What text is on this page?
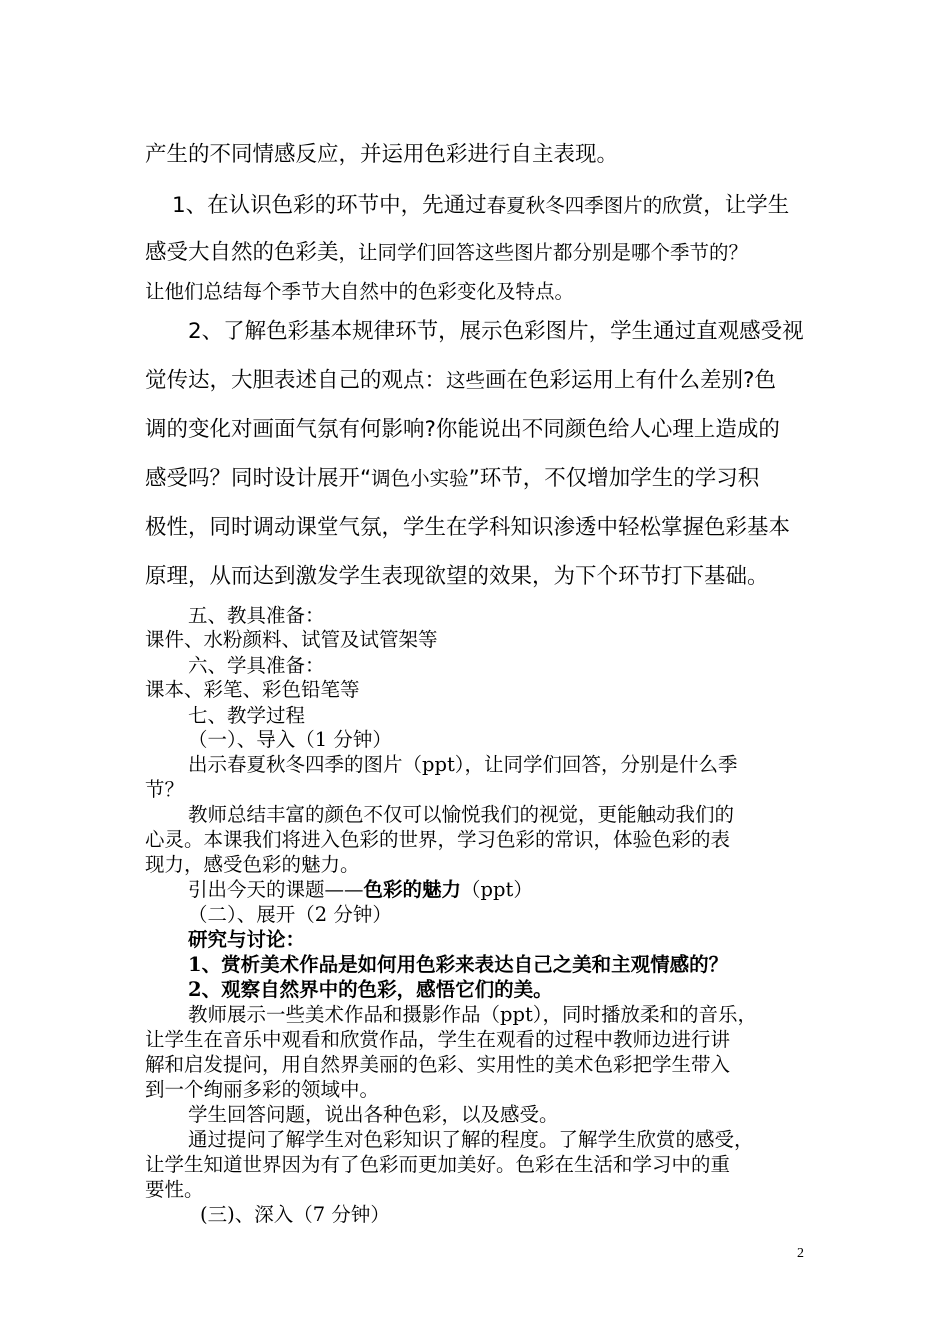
产生的不同情感反应，并运用色彩进行自主表现。
1、在认识色彩的环节中，先通过春夏秋冬四季图片的欣赏，让学生
感受大自然的色彩美，让同学们回答这些图片都分别是哪个季节的？
让他们总结每个季节大自然中的色彩变化及特点。
2、了解色彩基本规律环节，展示色彩图片，学生通过直观感受视
觉传达，大胆表述自己的观点：这些画在色彩运用上有什么差别?色
调的变化对画面气氛有何影响?你能说出不同颜色给人心理上造成的
感受吗？同时设计展开“调色小实验”环节，不仅增加学生的学习积
极性，同时调动课堂气氛，学生在学科知识渗透中轻松掌握色彩基本
原理，从而达到激发学生表现欲望的效果，为下个环节打下基础。
五、教具准备：
课件、水粉颜料、试管及试管架等
六、学具准备：
课本、彩笔、彩色铅笔等
七、教学过程
（一）、导入（1 分钟）
出示春夏秋冬四季的图片（ppt），让同学们回答，分别是什么季
节？
教师总结丰富的颜色不仅可以愉悦我们的视觉，更能触动我们的
心灵。本课我们将进入色彩的世界，学习色彩的常识，体验色彩的表
现力，感受色彩的魅力。
引出今天的课题——色彩的魅力（ppt）
（二）、展开（2 分钟）
研究与讨论：
1、赏析美术作品是如何用色彩来表达自己之美和主观情感的？
2、观察自然界中的色彩，感悟它们的美。
教师展示一些美术作品和摄影作品（ppt），同时播放柔和的音乐，
让学生在音乐中观看和欣赏作品，学生在观看的过程中教师边进行讲
解和启发提问，用自然界美丽的色彩、实用性的美术色彩把学生带入
到一个绚丽多彩的领域中。
学生回答问题，说出各种色彩，以及感受。
通过提问了解学生对色彩知识了解的程度。了解学生欣赏的感受，
让学生知道世界因为有了色彩而更加美好。色彩在生活和学习中的重
要性。
(三)、深入（7 分钟）
2
